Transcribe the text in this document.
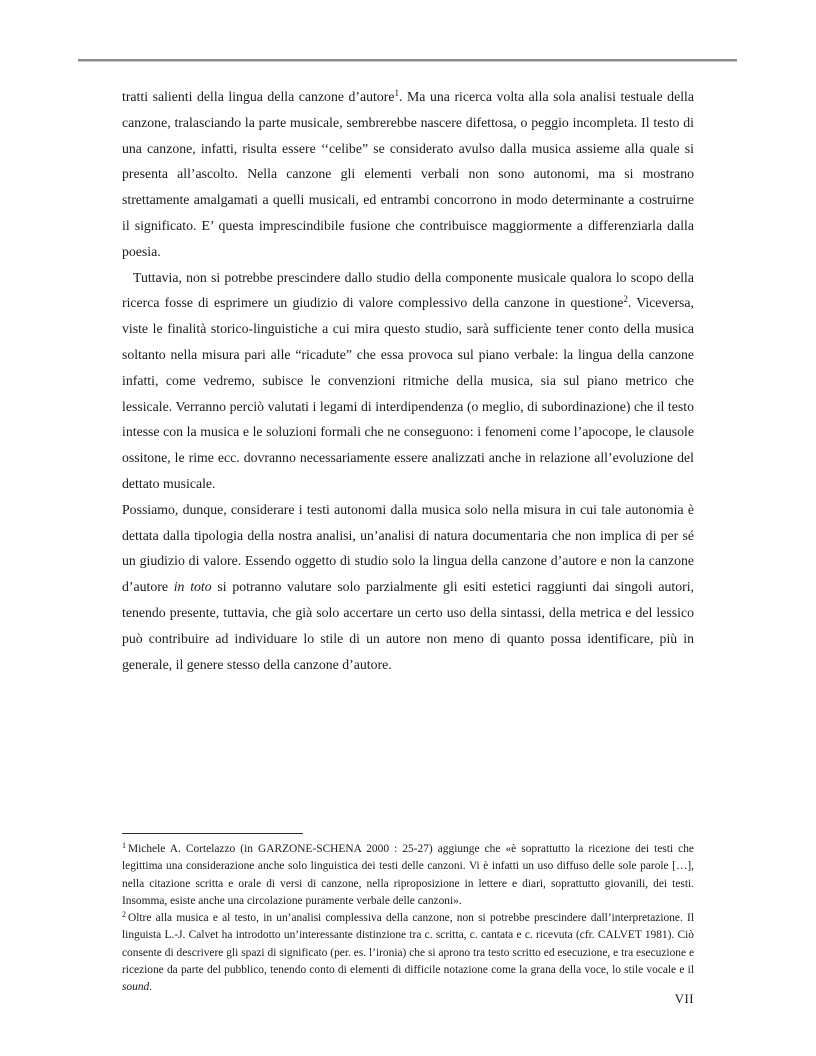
tratti salienti della lingua della canzone d’autore$^1$. Ma una ricerca volta alla sola analisi testuale della canzone, tralasciando la parte musicale, sembrerebbe nascere difettosa, o peggio incompleta. Il testo di una canzone, infatti, risulta essere ‘‘celibe” se considerato avulso dalla musica assieme alla quale si presenta all’ascolto. Nella canzone gli elementi verbali non sono autonomi, ma si mostrano strettamente amalgamati a quelli musicali, ed entrambi concorrono in modo determinante a costruirne il significato. E’ questa imprescindibile fusione che contribuisce maggiormente a differenziarla dalla poesia.

Tuttavia, non si potrebbe prescindere dallo studio della componente musicale qualora lo scopo della ricerca fosse di esprimere un giudizio di valore complessivo della canzone in questione$^2$. Viceversa, viste le finalità storico-linguistiche a cui mira questo studio, sarà sufficiente tener conto della musica soltanto nella misura pari alle “ricadute” che essa provoca sul piano verbale: la lingua della canzone infatti, come vedremo, subisce le convenzioni ritmiche della musica, sia sul piano metrico che lessicale. Verranno perciò valutati i legami di interdipendenza (o meglio, di subordinazione) che il testo intesse con la musica e le soluzioni formali che ne conseguono: i fenomeni come l’apocope, le clausole ossitone, le rime ecc. dovranno necessariamente essere analizzati anche in relazione all’evoluzione del dettato musicale.

Possiamo, dunque, considerare i testi autonomi dalla musica solo nella misura in cui tale autonomia è dettata dalla tipologia della nostra analisi, un’analisi di natura documentaria che non implica di per sé un giudizio di valore. Essendo oggetto di studio solo la lingua della canzone d’autore e non la canzone d’autore in toto si potranno valutare solo parzialmente gli esiti estetici raggiunti dai singoli autori, tenendo presente, tuttavia, che già solo accertare un certo uso della sintassi, della metrica e del lessico può contribuire ad individuare lo stile di un autore non meno di quanto possa identificare, più in generale, il genere stesso della canzone d’autore.

$^1$ Michele A. Cortelazzo (in GARZONE-SCHENA 2000 : 25-27) aggiunge che «è soprattutto la ricezione dei testi che legittima una considerazione anche solo linguistica dei testi delle canzoni. Vi è infatti un uso diffuso delle sole parole […], nella citazione scritta e orale di versi di canzone, nella riproposizione in lettere e diari, soprattutto giovanili, dei testi. Insomma, esiste anche una circolazione puramente verbale delle canzoni».
$^2$ Oltre alla musica e al testo, in un’analisi complessiva della canzone, non si potrebbe prescindere dall’interpretazione. Il linguista L.-J. Calvet ha introdotto un’interessante distinzione tra c. scritta, c. cantata e c. ricevuta (cfr. CALVET 1981). Ciò consente di descrivere gli spazi di significato (per. es. l’ironia) che si aprono tra testo scritto ed esecuzione, e tra esecuzione e ricezione da parte del pubblico, tenendo conto di elementi di difficile notazione come la grana della voce, lo stile vocale e il sound.
VII
